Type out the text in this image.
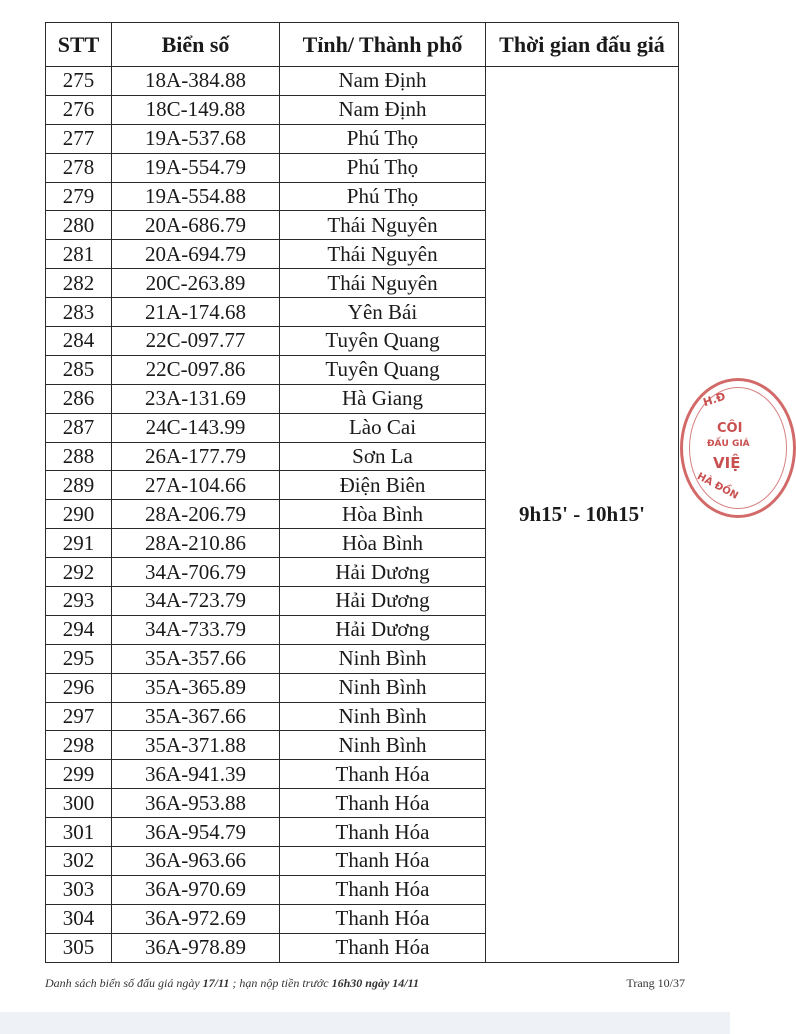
STT	Biển số	Tỉnh/ Thành phố	Thời gian đấu giá
275	18A-384.88	Nam Định	9h15' - 10h15'
276	18C-149.88	Nam Định	
277	19A-537.68	Phú Thọ	
278	19A-554.79	Phú Thọ	
279	19A-554.88	Phú Thọ	
280	20A-686.79	Thái Nguyên	
281	20A-694.79	Thái Nguyên	
282	20C-263.89	Thái Nguyên	
283	21A-174.68	Yên Bái	
284	22C-097.77	Tuyên Quang	
285	22C-097.86	Tuyên Quang	
286	23A-131.69	Hà Giang	
287	24C-143.99	Lào Cai	
288	26A-177.79	Sơn La	
289	27A-104.66	Điện Biên	
290	28A-206.79	Hòa Bình	
291	28A-210.86	Hòa Bình	
292	34A-706.79	Hải Dương	
293	34A-723.79	Hải Dương	
294	34A-733.79	Hải Dương	
295	35A-357.66	Ninh Bình	
296	35A-365.89	Ninh Bình	
297	35A-367.66	Ninh Bình	
298	35A-371.88	Ninh Bình	
299	36A-941.39	Thanh Hóa	
300	36A-953.88	Thanh Hóa	
301	36A-954.79	Thanh Hóa	
302	36A-963.66	Thanh Hóa	
303	36A-970.69	Thanh Hóa	
304	36A-972.69	Thanh Hóa	
305	36A-978.89	Thanh Hóa	
Danh sách biển số đấu giá ngày 17/11 ; hạn nộp tiền trước 16h30 ngày 14/11	Trang 10/37
H.Đ
CÔI
ĐẤU GIÁ
VIỆ
HÀ ĐỒN
